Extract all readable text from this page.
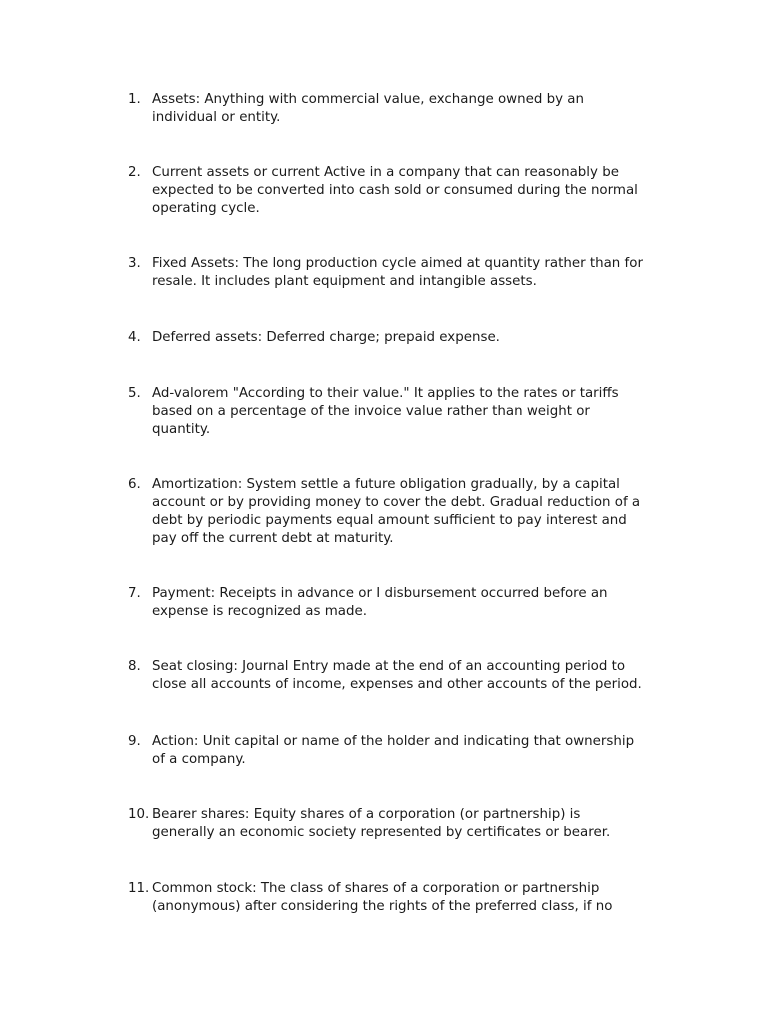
1. Assets: Anything with commercial value, exchange owned by an
individual or entity.
2. Current assets or current Active in a company that can reasonably be
expected to be converted into cash sold or consumed during the normal
operating cycle.
3. Fixed Assets: The long production cycle aimed at quantity rather than for
resale. It includes plant equipment and intangible assets.
4. Deferred assets: Deferred charge; prepaid expense.
5. Ad-valorem "According to their value." It applies to the rates or tariffs
based on a percentage of the invoice value rather than weight or
quantity.
6. Amortization: System settle a future obligation gradually, by a capital
account or by providing money to cover the debt. Gradual reduction of a
debt by periodic payments equal amount sufficient to pay interest and
pay off the current debt at maturity.
7. Payment: Receipts in advance or I disbursement occurred before an
expense is recognized as made.
8. Seat closing: Journal Entry made at the end of an accounting period to
close all accounts of income, expenses and other accounts of the period.
9. Action: Unit capital or name of the holder and indicating that ownership
of a company.
10. Bearer shares: Equity shares of a corporation (or partnership) is
generally an economic society represented by certificates or bearer.
11. Common stock: The class of shares of a corporation or partnership
(anonymous) after considering the rights of the preferred class, if no
